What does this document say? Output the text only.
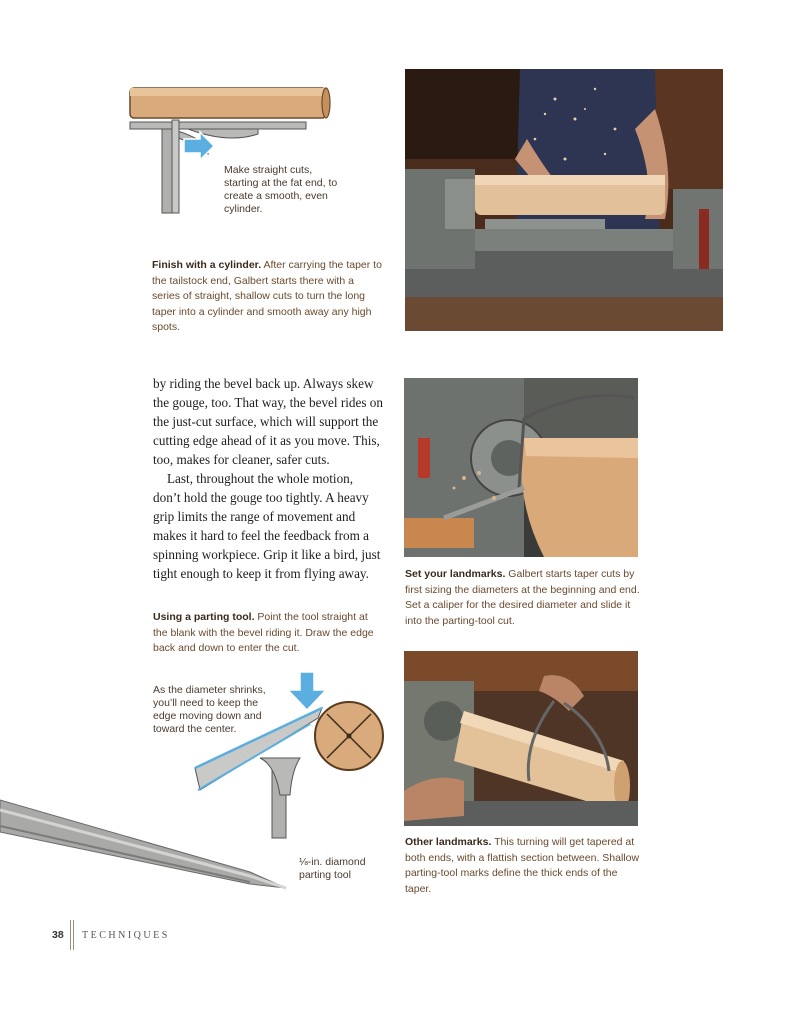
Make straight cuts, starting at the fat end, to create a smooth, even cylinder.
Finish with a cylinder. After carrying the taper to the tailstock end, Galbert starts there with a series of straight, shallow cuts to turn the long taper into a cylinder and smooth away any high spots.

by riding the bevel back up. Always skew the gouge, too. That way, the bevel rides on the just-cut surface, which will support the cutting edge ahead of it as you move. This, too, makes for cleaner, safer cuts.

Last, throughout the whole motion, don’t hold the gouge too tightly. A heavy grip limits the range of movement and makes it hard to feel the feedback from a spinning workpiece. Grip it like a bird, just tight enough to keep it from flying away.	Set your landmarks. Galbert starts taper cuts by first sizing the diameters at the beginning and end. Set a caliper for the desired diameter and slide it into the parting-tool cut.
Using a parting tool. Point the tool straight at the blank with the bevel riding it. Draw the edge back and down to enter the cut.
As the diameter shrinks, you’ll need to keep the edge moving down and toward the center.
⅛-in. diamond parting tool
Other landmarks. This turning will get tapered at both ends, with a flattish section between. Shallow parting-tool marks define the thick ends of the taper.
38 TECHNIQUES
